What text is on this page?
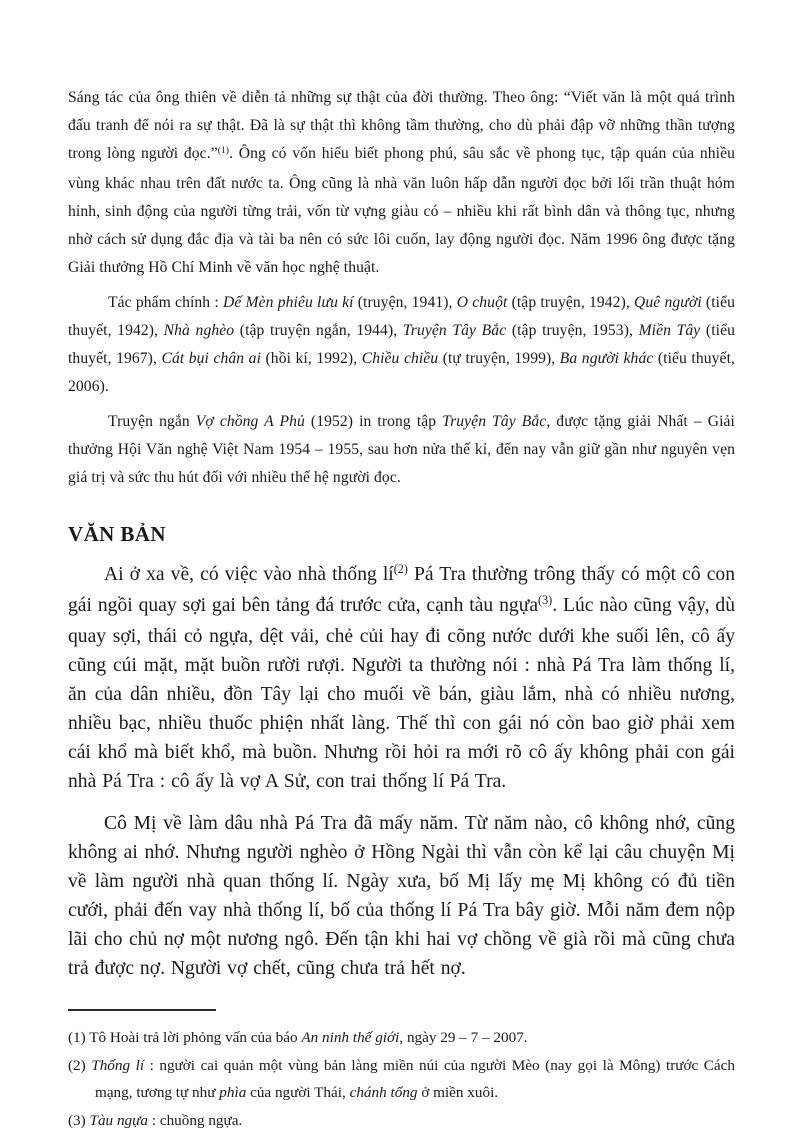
Sáng tác của ông thiên về diễn tả những sự thật của đời thường. Theo ông: “Viết văn là một quá trình đấu tranh để nói ra sự thật. Đã là sự thật thì không tầm thường, cho dù phải đập vỡ những thần tượng trong lòng người đọc.”$^{(1)}$. Ông có vốn hiểu biết phong phú, sâu sắc về phong tục, tập quán của nhiều vùng khác nhau trên đất nước ta. Ông cũng là nhà văn luôn hấp dẫn người đọc bởi lối trần thuật hóm hỉnh, sinh động của người từng trải, vốn từ vựng giàu có – nhiều khi rất bình dân và thông tục, nhưng nhờ cách sử dụng đắc địa và tài ba nên có sức lôi cuốn, lay động người đọc. Năm 1996 ông được tặng Giải thưởng Hồ Chí Minh về văn học nghệ thuật.

Tác phẩm chính : Dế Mèn phiêu lưu kí (truyện, 1941), O chuột (tập truyện, 1942), Quê người (tiểu thuyết, 1942), Nhà nghèo (tập truyện ngắn, 1944), Truyện Tây Bắc (tập truyện, 1953), Miền Tây (tiểu thuyết, 1967), Cát bụi chân ai (hồi kí, 1992), Chiều chiều (tự truyện, 1999), Ba người khác (tiểu thuyết, 2006).

Truyện ngắn Vợ chồng A Phủ (1952) in trong tập Truyện Tây Bắc, được tặng giải Nhất – Giải thưởng Hội Văn nghệ Việt Nam 1954 – 1955, sau hơn nửa thế kỉ, đến nay vẫn giữ gần như nguyên vẹn giá trị và sức thu hút đối với nhiều thế hệ người đọc.

VĂN BẢN

Ai ở xa về, có việc vào nhà thống $lí^{(2)}$ Pá Tra thường trông thấy có một cô con gái ngồi quay sợi gai bên tảng đá trước cửa, cạnh tàu ngựa$^{(3)}$. Lúc nào cũng vậy, dù quay sợi, thái cỏ ngựa, dệt vải, chẻ củi hay đi cõng nước dưới khe suối lên, cô ấy cũng cúi mặt, mặt buồn rười rượi. Người ta thường nói : nhà Pá Tra làm thống lí, ăn của dân nhiều, đồn Tây lại cho muối về bán, giàu lắm, nhà có nhiều nương, nhiều bạc, nhiều thuốc phiện nhất làng. Thế thì con gái nó còn bao giờ phải xem cái khổ mà biết khổ, mà buồn. Nhưng rồi hỏi ra mới rõ cô ấy không phải con gái nhà Pá Tra : cô ấy là vợ A Sử, con trai thống lí Pá Tra.

Cô Mị về làm dâu nhà Pá Tra đã mấy năm. Từ năm nào, cô không nhớ, cũng không ai nhớ. Nhưng người nghèo ở Hồng Ngài thì vẫn còn kể lại câu chuyện Mị về làm người nhà quan thống lí. Ngày xưa, bố Mị lấy mẹ Mị không có đủ tiền cưới, phải đến vay nhà thống lí, bố của thống lí Pá Tra bây giờ. Mỗi năm đem nộp lãi cho chủ nợ một nương ngô. Đến tận khi hai vợ chồng về già rồi mà cũng chưa trả được nợ. Người vợ chết, cũng chưa trả hết nợ.

(1) Tô Hoài trả lời phỏng vấn của báo An ninh thế giới, ngày 29 – 7 – 2007.

(2) Thống lí : người cai quản một vùng bản làng miền núi của người Mèo (nay gọi là Mông) trước Cách mạng, tương tự như phìa của người Thái, chánh tổng ở miền xuôi.

(3) Tàu ngựa : chuồng ngựa.
